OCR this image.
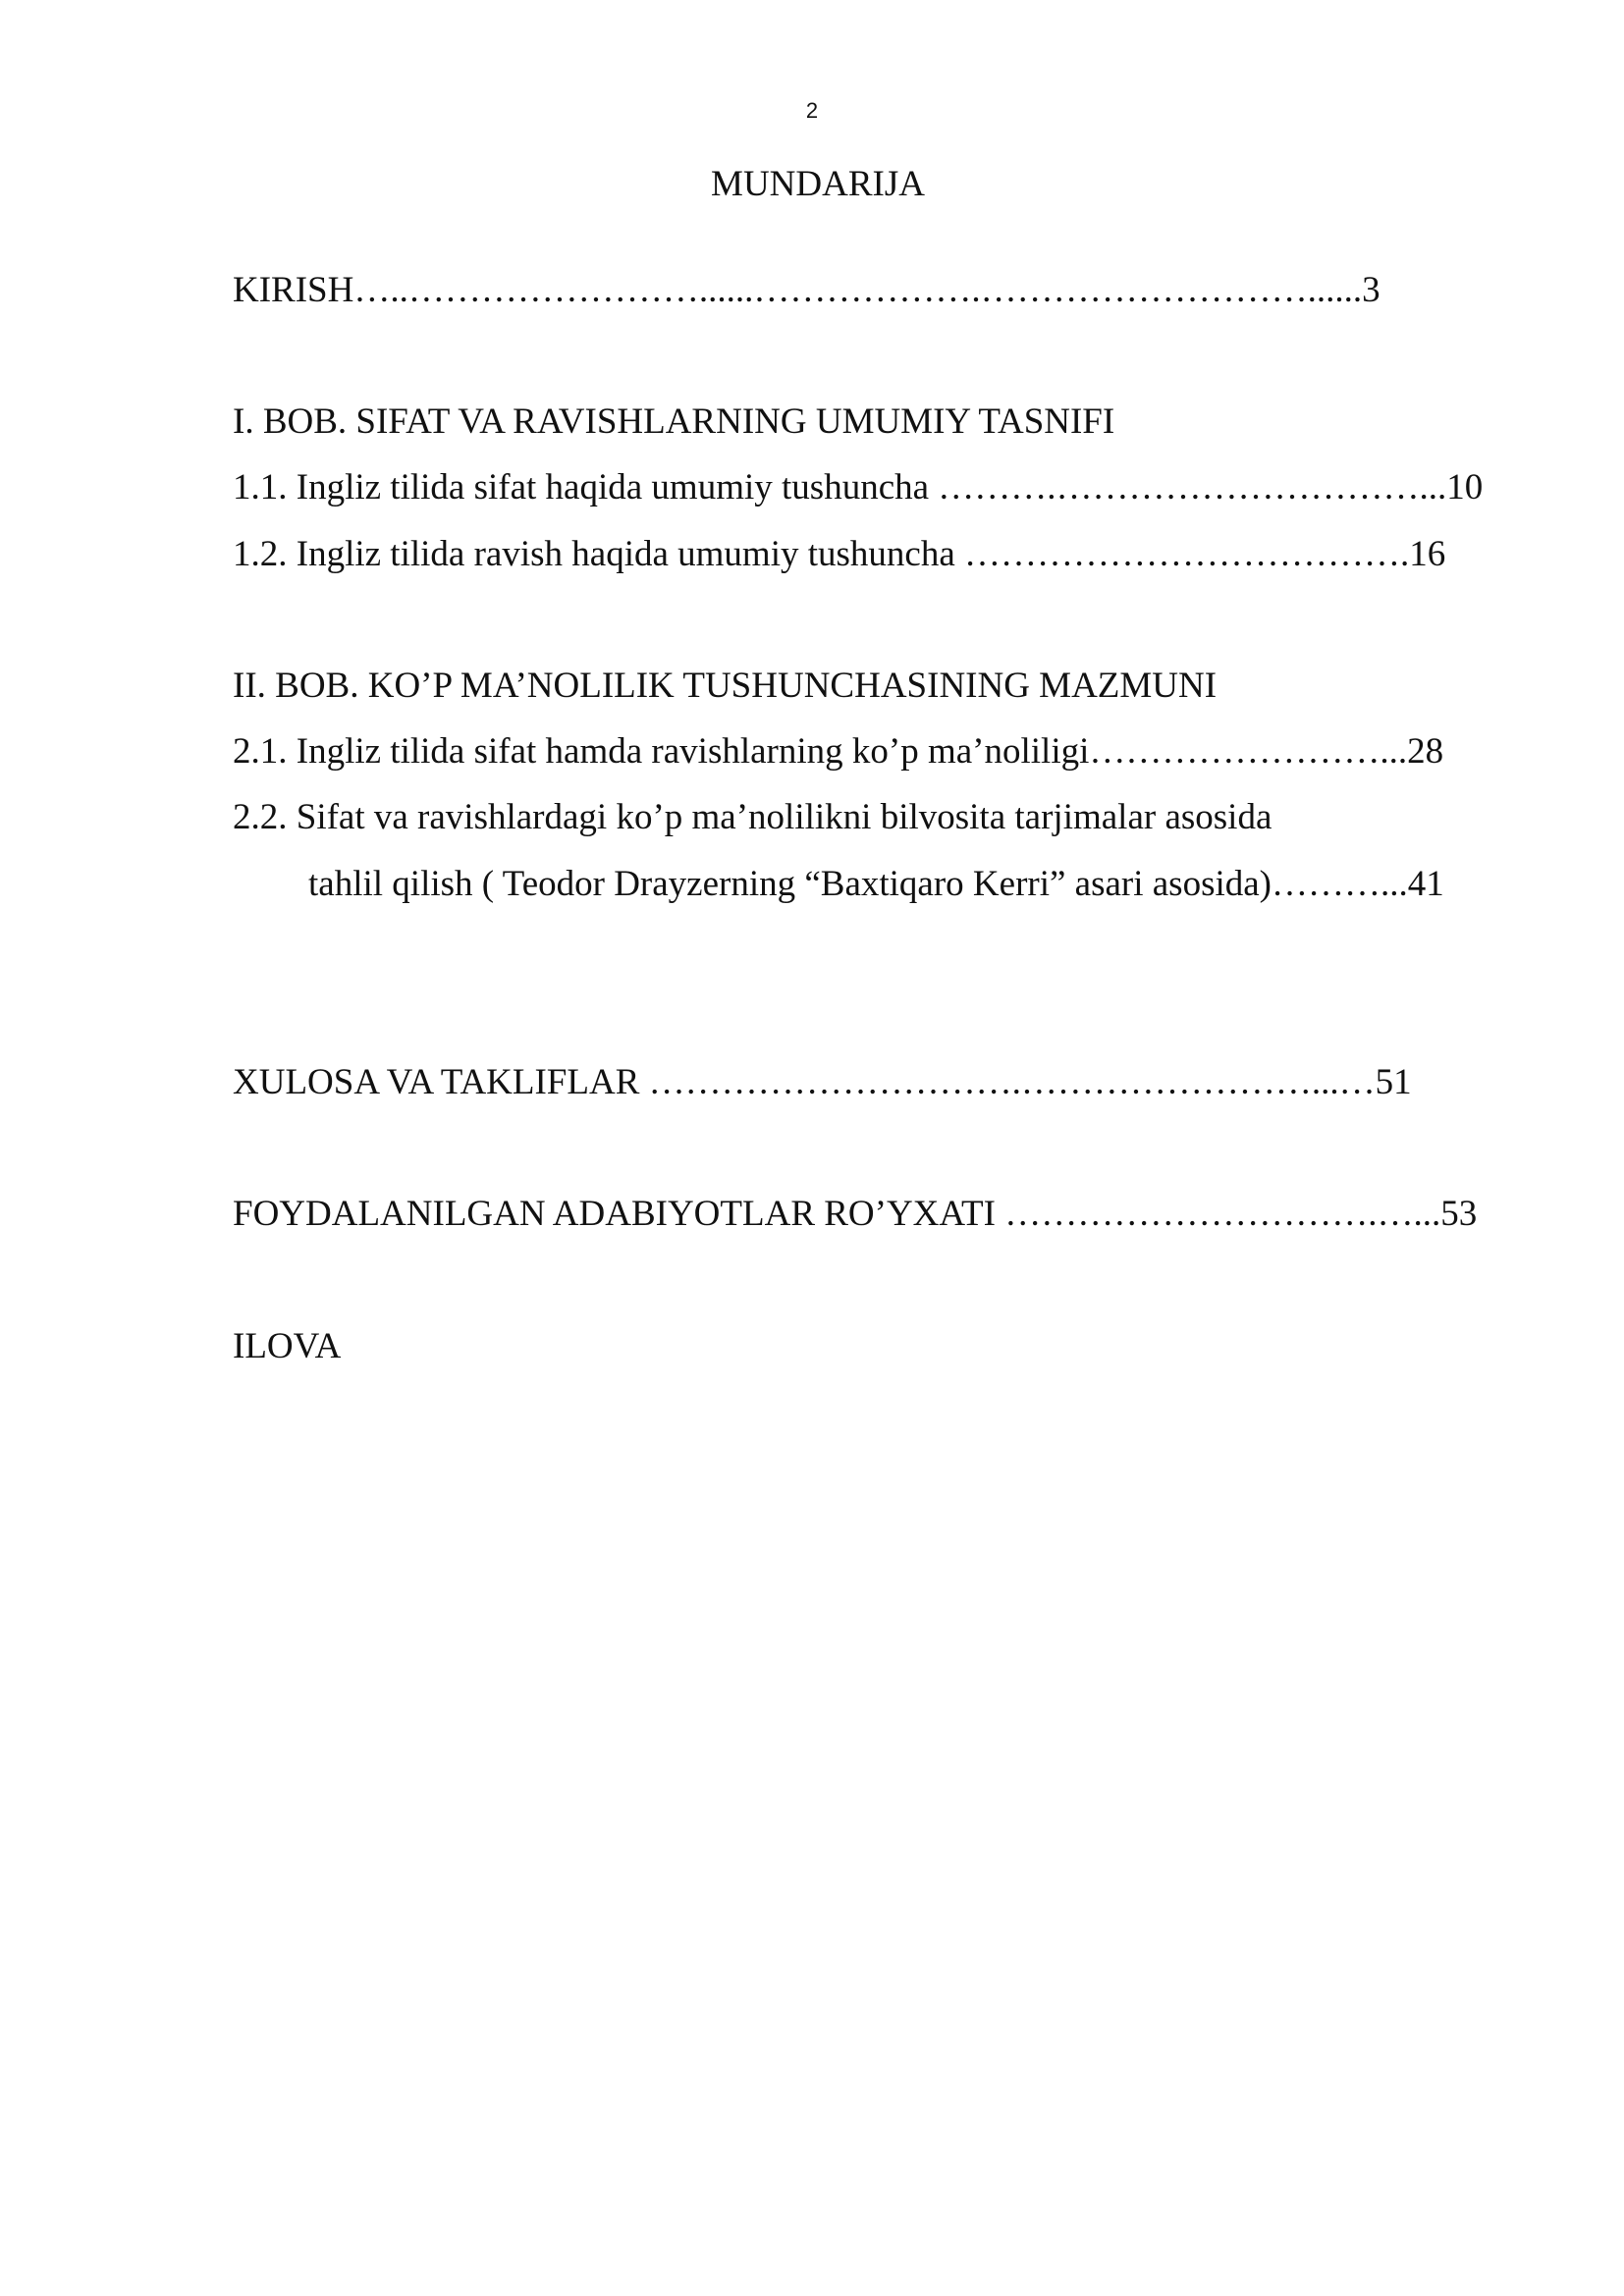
2
MUNDARIJA
KIRISH…..……………………......……………….………………………......3
I. BOB. SIFAT VA RAVISHLARNING UMUMIY TASNIFI
1.1. Ingliz tilida sifat haqida umumiy tushuncha ……….…………………………...10
1.2. Ingliz tilida ravish haqida umumiy tushuncha ……………………………….16
II. BOB. KO’P MA’NOLILIK TUSHUNCHASINING MAZMUNI
2.1. Ingliz tilida sifat hamda ravishlarning ko’p ma’noliligi……………………...28
2.2. Sifat va ravishlardagi ko’p ma’nolilikni bilvosita tarjimalar asosida
tahlil qilish ( Teodor Drayzerning “Baxtiqaro Kerri” asari asosida)………...41
XULOSA VA TAKLIFLAR ………………………….……………………...…51
FOYDALANILGAN ADABIYOTLAR RO’YXATI ………………………….…...53
ILOVA
